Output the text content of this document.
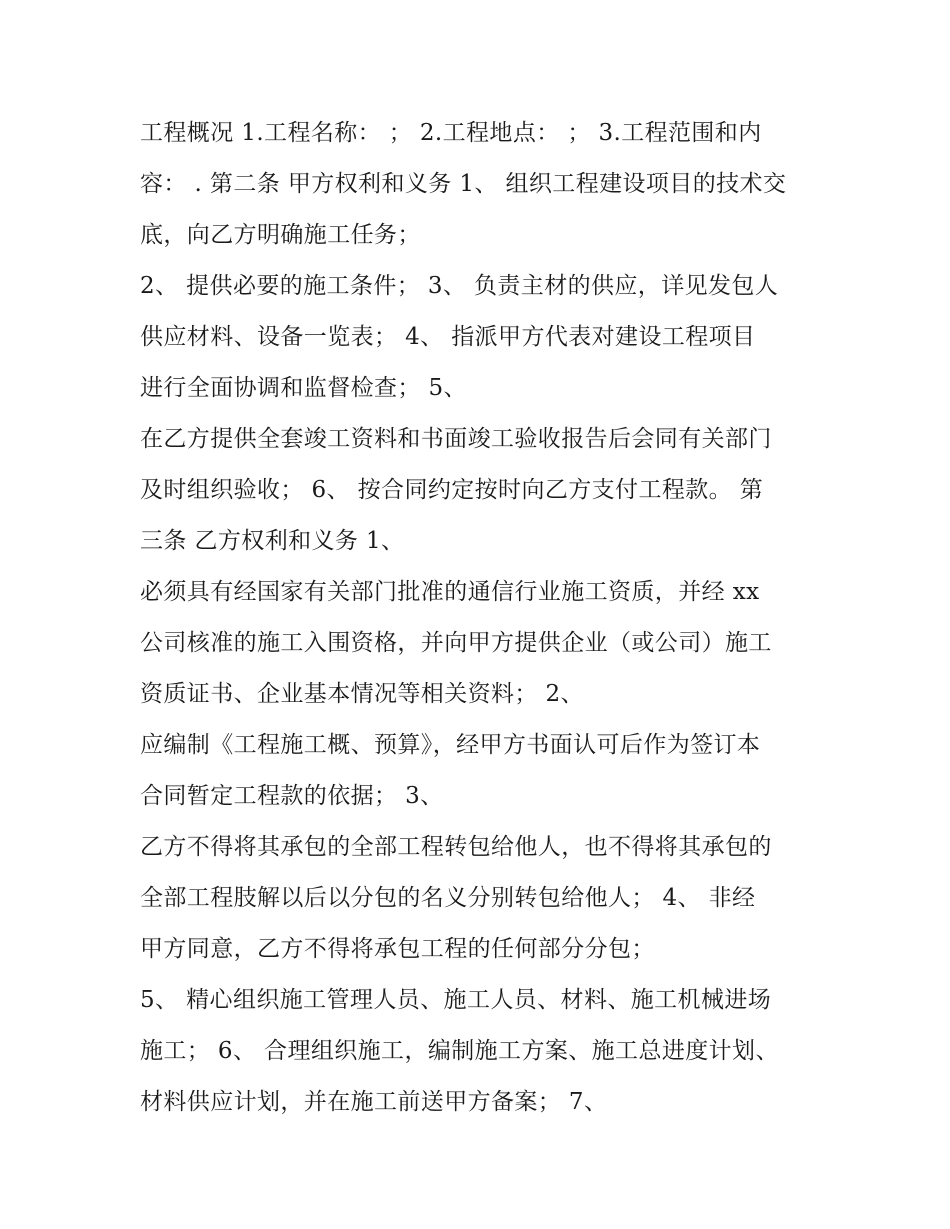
工程概况 1.工程名称： ； 2.工程地点： ； 3.工程范围和内
容： . 第二条 甲方权利和义务 1、 组织工程建设项目的技术交
底，向乙方明确施工任务；
2、 提供必要的施工条件； 3、 负责主材的供应，详见发包人
供应材料、设备一览表； 4、 指派甲方代表对建设工程项目
进行全面协调和监督检查； 5、
在乙方提供全套竣工资料和书面竣工验收报告后会同有关部门
及时组织验收； 6、 按合同约定按时向乙方支付工程款。 第
三条 乙方权利和义务 1、
必须具有经国家有关部门批准的通信行业施工资质，并经 xx
公司核准的施工入围资格，并向甲方提供企业（或公司）施工
资质证书、企业基本情况等相关资料； 2、
应编制《工程施工概、预算》，经甲方书面认可后作为签订本
合同暂定工程款的依据； 3、
乙方不得将其承包的全部工程转包给他人，也不得将其承包的
全部工程肢解以后以分包的名义分别转包给他人； 4、 非经
甲方同意，乙方不得将承包工程的任何部分分包；
5、 精心组织施工管理人员、施工人员、材料、施工机械进场
施工； 6、 合理组织施工，编制施工方案、施工总进度计划、
材料供应计划，并在施工前送甲方备案； 7、
